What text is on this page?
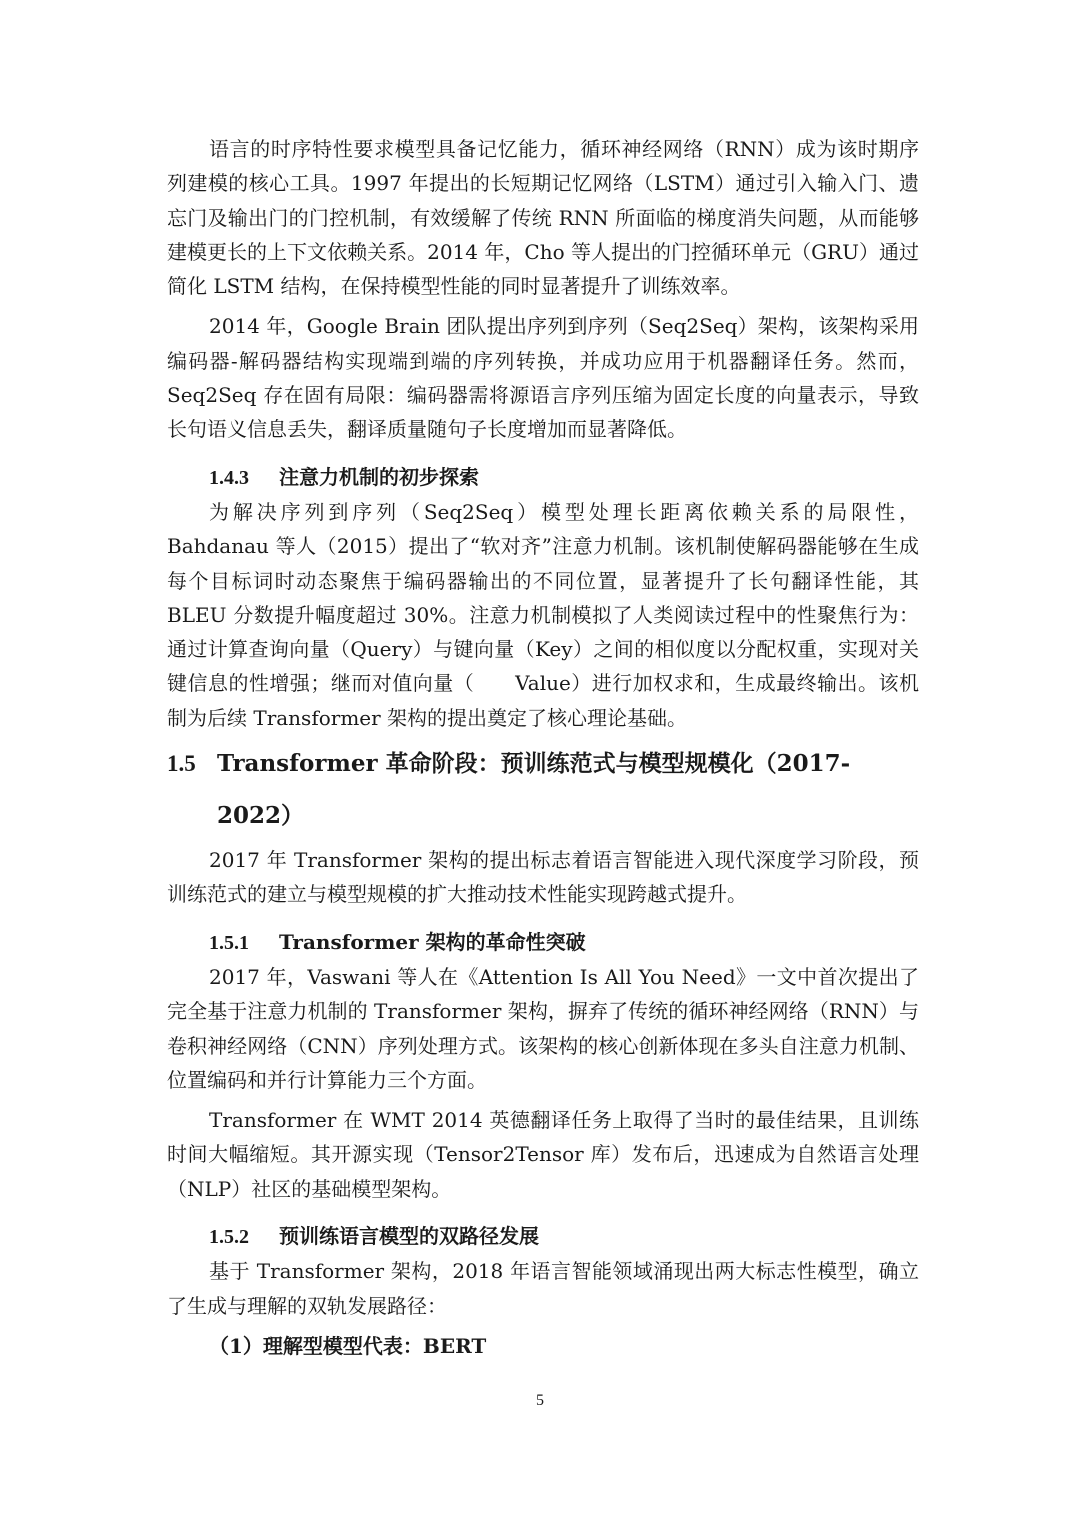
语言的时序特性要求模型具备记忆能力，循环神经网络（RNN）成为该时期序列建模的核心工具。1997 年提出的长短期记忆网络（LSTM）通过引入输入门、遗忘门及输出门的门控机制，有效缓解了传统 RNN 所面临的梯度消失问题，从而能够建模更长的上下文依赖关系。2014 年，Cho 等人提出的门控循环单元（GRU）通过简化 LSTM 结构，在保持模型性能的同时显著提升了训练效率。

2014 年，Google Brain 团队提出序列到序列（Seq2Seq）架构，该架构采用编码器-解码器结构实现端到端的序列转换，并成功应用于机器翻译任务。然而，Seq2Seq 存在固有局限：编码器需将源语言序列压缩为固定长度的向量表示，导致长句语义信息丢失，翻译质量随句子长度增加而显著降低。

1.4.3 注意力机制的初步探索

为解决序列到序列（Seq2Seq）模型处理长距离依赖关系的局限性，Bahdanau 等人（2015）提出了“软对齐”注意力机制。该机制使解码器能够在生成每个目标词时动态聚焦于编码器输出的不同位置，显著提升了长句翻译性能，其 BLEU 分数提升幅度超过 30%。注意力机制模拟了人类阅读过程中的性聚焦行为：通过计算查询向量（Query）与键向量（Key）之间的相似度以分配权重，实现对关键信息的性增强；继而对值向量（　　Value）进行加权求和，生成最终输出。该机制为后续 Transformer 架构的提出奠定了核心理论基础。

1.5 Transformer 革命阶段：预训练范式与模型规模化（2017-
2022）

2017 年 Transformer 架构的提出标志着语言智能进入现代深度学习阶段，预训练范式的建立与模型规模的扩大推动技术性能实现跨越式提升。

1.5.1 Transformer 架构的革命性突破

2017 年，Vaswani 等人在《Attention Is All You Need》一文中首次提出了完全基于注意力机制的 Transformer 架构，摒弃了传统的循环神经网络（RNN）与卷积神经网络（CNN）序列处理方式。该架构的核心创新体现在多头自注意力机制、位置编码和并行计算能力三个方面。

Transformer 在 WMT 2014 英德翻译任务上取得了当时的最佳结果，且训练时间大幅缩短。其开源实现（Tensor2Tensor 库）发布后，迅速成为自然语言处理（NLP）社区的基础模型架构。

1.5.2 预训练语言模型的双路径发展

基于 Transformer 架构，2018 年语言智能领域涌现出两大标志性模型，确立了生成与理解的双轨发展路径：

（1）理解型模型代表：BERT
5
